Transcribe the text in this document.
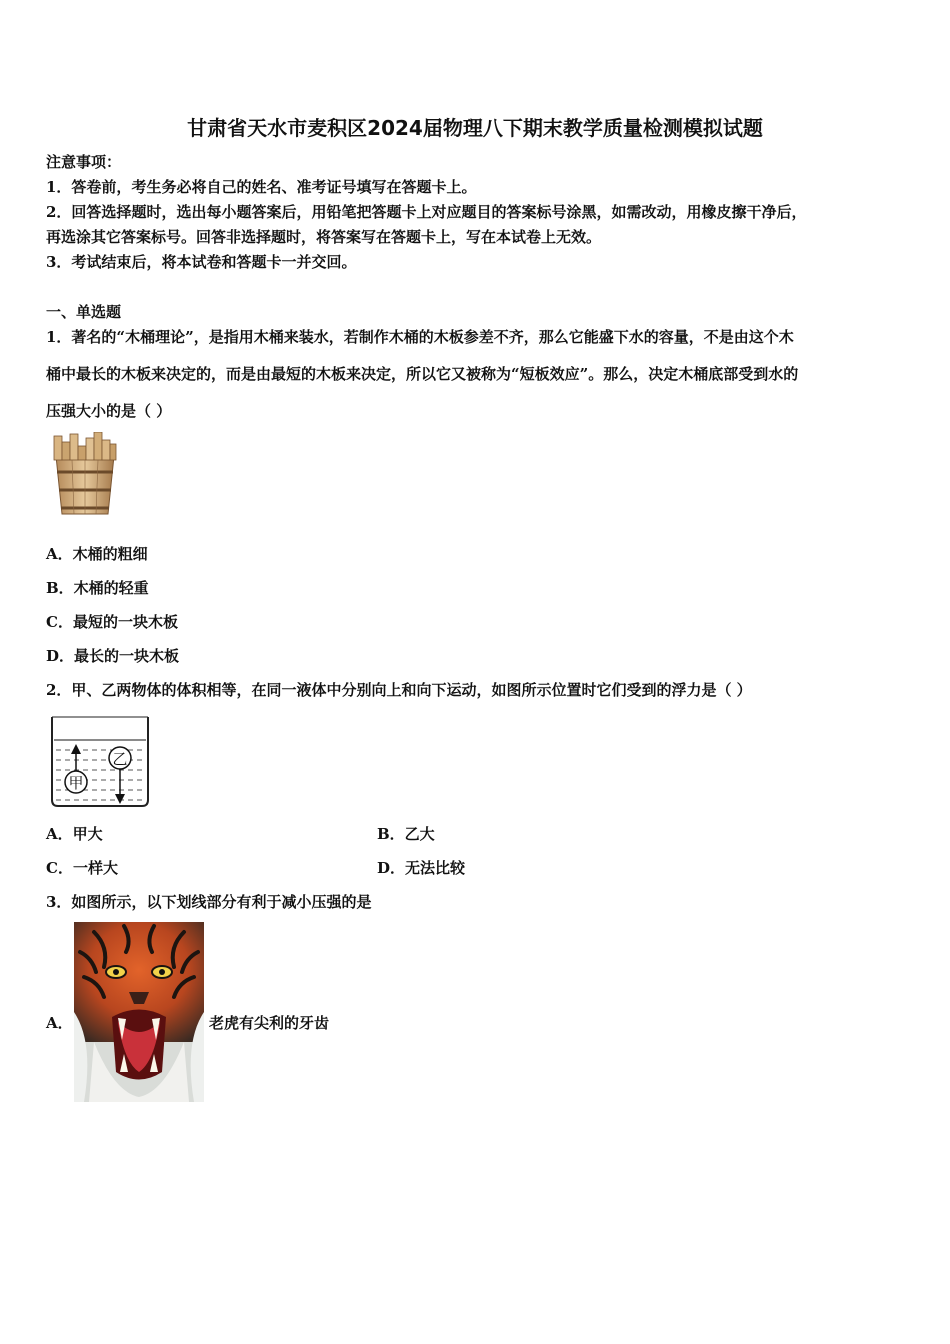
甘肃省天水市麦积区2024届物理八下期末教学质量检测模拟试题
注意事项：
1．答卷前，考生务必将自己的姓名、准考证号填写在答题卡上。
2．回答选择题时，选出每小题答案后，用铅笔把答题卡上对应题目的答案标号涂黑，如需改动，用橡皮擦干净后，
再选涂其它答案标号。回答非选择题时，将答案写在答题卡上，写在本试卷上无效。
3．考试结束后，将本试卷和答题卡一并交回。
一、单选题
1．著名的“木桶理论”，是指用木桶来装水，若制作木桶的木板参差不齐，那么它能盛下水的容量，不是由这个木
桶中最长的木板来决定的，而是由最短的木板来决定，所以它又被称为“短板效应”。那么，决定木桶底部受到水的
压强大小的是（ ）
A．木桶的粗细
B．木桶的轻重
C．最短的一块木板
D．最长的一块木板
2．甲、乙两物体的体积相等，在同一液体中分别向上和向下运动，如图所示位置时它们受到的浮力是（ ）
甲
乙
A．甲大	B．乙大
C．一样大	D．无法比较
3．如图所示，以下划线部分有利于减小压强的是
A．	老虎有尖利的牙齿
